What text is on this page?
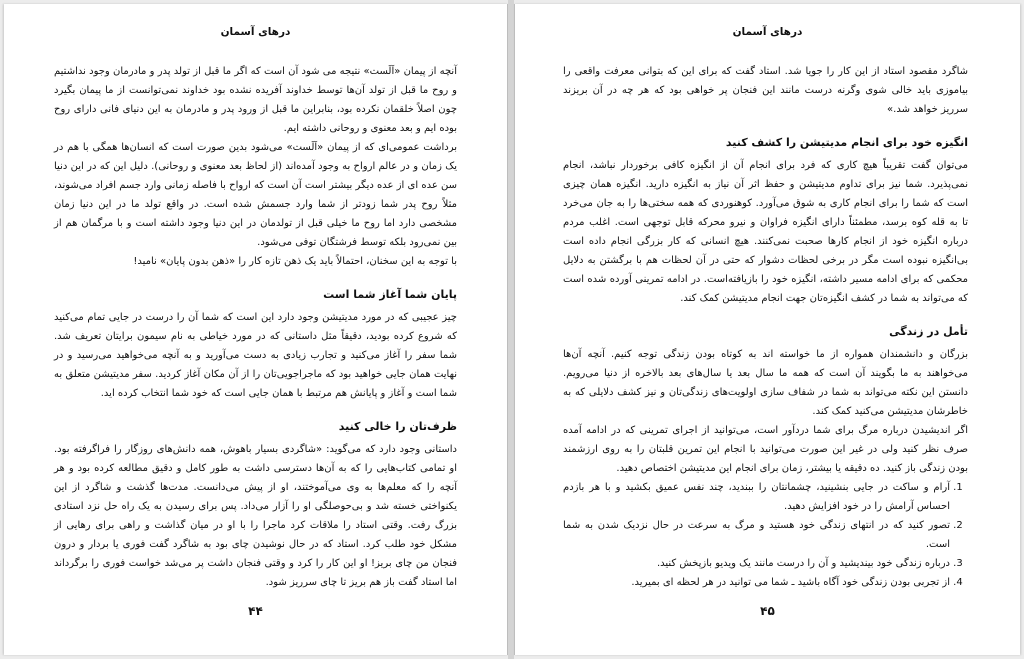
درهای آسمان

آنچه از پیمان «اَلَست» نتیجه می شود آن است که اگر ما قبل از تولد پدر و مادرمان وجود نداشتیم و روح ما قبل از تولد آن‌ها توسط خداوند آفریده نشده بود خداوند نمی‌توانست از ما پیمان بگیرد چون اصلاً خلقمان نکرده بود، بنابراین ما قبل از ورود پدر و مادرمان به این دنیای فانی دارای روح بوده ایم و بعد معنوی و روحانی داشته ایم.

برداشت عمومی‌ای که از پیمان «اَلَست» می‌شود بدین صورت است که انسان‌ها همگی با هم در یک زمان و در عالم ارواح به وجود آمده‌اند (از لحاظ بعد معنوی و روحانی). دلیل این که در این دنیا سن عده ای از عده دیگر بیشتر است آن است که ارواح با فاصله زمانی وارد جسم افراد می‌شوند، مثلاً روح پدر شما زودتر از شما وارد جسمش شده است. در واقع تولد ما در این دنیا زمان مشخصی دارد اما روح ما خیلی قبل از تولدمان در این دنیا وجود داشته است و با مرگمان هم از بین نمی‌رود بلکه توسط فرشتگان توفی می‌شود.

با توجه به این سخنان، احتمالاً باید یک ذهن تازه کار را «ذهن بدون پایان» نامید!

پایان شما آغاز شما است

چیز عجیبی که در مورد مدیتیشن وجود دارد این است که شما آن را درست در جایی تمام می‌کنید که شروع کرده بودید، دقیقاً مثل داستانی که در مورد خیاطی به نام سیمون برایتان تعریف شد. شما سفر را آغاز می‌کنید و تجارب زیادی به دست می‌آورید و به آنچه می‌خواهید می‌رسید و در نهایت همان جایی خواهید بود که ماجراجویی‌تان را از آن مکان آغاز کردید. سفر مدیتیشن متعلق به شما است و آغاز و پایانش هم مرتبط با همان جایی است که خود شما انتخاب کرده اید.

ظرف‌تان را خالی کنید

داستانی وجود دارد که می‌گوید: «شاگردی بسیار باهوش، همه دانش‌های روزگار را فراگرفته بود. او تمامی کتاب‌هایی را که به آن‌ها دسترسی داشت به طور کامل و دقیق مطالعه کرده بود و هر آنچه را که معلم‌ها به وی می‌آموختند، او از پیش می‌دانست. مدت‌ها گذشت و شاگرد از این یکنواختی خسته شد و بی‌حوصلگی او را آزار می‌داد. پس برای رسیدن به یک راه حل نزد استادی بزرگ رفت. وقتی استاد را ملاقات کرد ماجرا را با او در میان گذاشت و راهی برای رهایی از مشکل خود طلب کرد. استاد که در حال نوشیدن چای بود به شاگرد گفت فوری یا بردار و درون فنجان من چای بریز! او این کار را کرد و وقتی فنجان داشت پر می‌شد خواست فوری را برگرداند اما استاد گفت باز هم بریز تا چای سرریز شود.

۴۴
درهای آسمان

شاگرد مقصود استاد از این کار را جویا شد. استاد گفت که برای این که بتوانی معرفت واقعی را بیاموزی باید خالی شوی وگرنه درست مانند این فنجان پر خواهی بود که هر چه در آن بریزند سرریز خواهد شد.»

انگیزه خود برای انجام مدیتیشن را کشف کنید

می‌توان گفت تقریباً هیچ کاری که فرد برای انجام آن از انگیزه کافی برخوردار نباشد، انجام نمی‌پذیرد. شما نیز برای تداوم مدیتیشن و حفظ اثر آن نیاز به انگیزه دارید. انگیزه همان چیزی است که شما را برای انجام کاری به شوق می‌آورد. کوهنوردی که همه سختی‌ها را به جان می‌خرد تا به قله کوه برسد، مطمئناً دارای انگیزه فراوان و نیرو محرکه قابل توجهی است. اغلب مردم درباره انگیزه خود از انجام کارها صحبت نمی‌کنند. هیچ انسانی که کار بزرگی انجام داده است بی‌انگیزه نبوده است مگر در برخی لحظات دشوار که حتی در آن لحظات هم با برگشتن به دلایل محکمی که برای ادامه مسیر داشته، انگیزه خود را بازیافته‌است. در ادامه تمرینی آورده شده است که می‌تواند به شما در کشف انگیزه‌تان جهت انجام مدیتیشن کمک کند.

تأمل در زندگی

بزرگان و دانشمندان همواره از ما خواسته اند به کوتاه بودن زندگی توجه کنیم. آنچه آن‌ها می‌خواهند به ما بگویند آن است که همه ما سال بعد یا سال‌های بعد بالاخره از دنیا می‌رویم. دانستن این نکته می‌تواند به شما در شفاف سازی اولویت‌های زندگی‌تان و نیز کشف دلایلی که به خاطرشان مدیتیشن می‌کنید کمک کند.

اگر اندیشیدن درباره مرگ برای شما دردآور است، می‌توانید از اجرای تمرینی که در ادامه آمده صرف نظر کنید ولی در غیر این صورت می‌توانید با انجام این تمرین قلبتان را به روی ارزشمند بودن زندگی باز کنید. ده دقیقه یا بیشتر، زمان برای انجام این مدیتیشن اختصاص دهید.

1. آرام و ساکت در جایی بنشینید، چشمانتان را ببندید، چند نفس عمیق بکشید و با هر بازدم احساس آرامش را در خود افزایش دهید.
2. تصور کنید که در انتهای زندگی خود هستید و مرگ به سرعت در حال نزدیک شدن به شما است.
3. درباره زندگی خود بیندیشید و آن را درست مانند یک ویدیو بازپخش کنید.
4. از تجربی بودن زندگی خود آگاه باشید ـ شما می توانید در هر لحظه ای بمیرید.
۴۵
